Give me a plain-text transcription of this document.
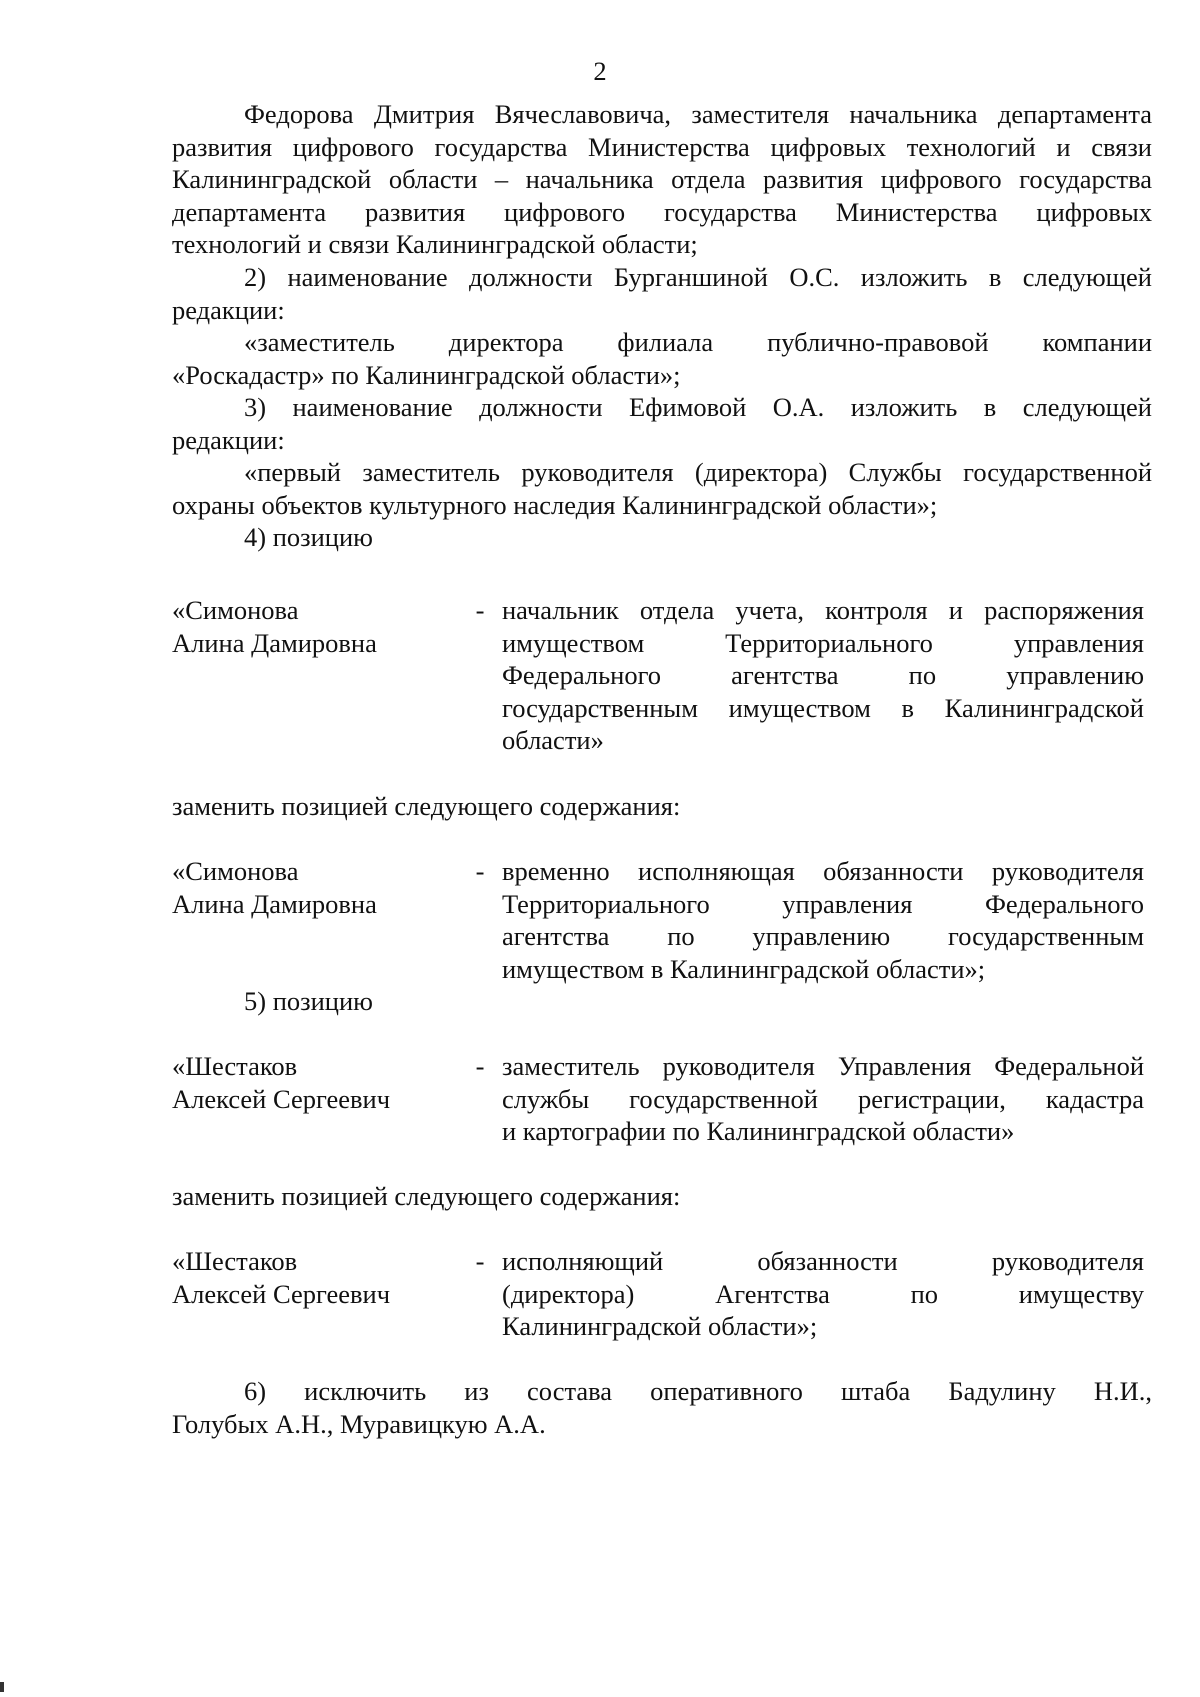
2
Федорова Дмитрия Вячеславовича, заместителя начальника департамента
развития цифрового государства Министерства цифровых технологий и связи
Калининградской области – начальника отдела развития цифрового государства
департамента развития цифрового государства Министерства цифровых
технологий и связи Калининградской области;
2) наименование должности Бурганшиной О.С. изложить в следующей
редакции:
«заместитель директора филиала публично-правовой компании
«Роскадастр» по Калининградской области»;
3) наименование должности Ефимовой О.А. изложить в следующей
редакции:
«первый заместитель руководителя (директора) Службы государственной
охраны объектов культурного наследия Калининградской области»;
4) позицию
«Симонова
Алина Дамировна
- начальник отдела учета, контроля и распоряжения
имуществом Территориального управления
Федерального агентства по управлению
государственным имуществом в Калининградской
области»
заменить позицией следующего содержания:
«Симонова
Алина Дамировна
- временно исполняющая обязанности руководителя
Территориального управления Федерального
агентства по управлению государственным
имуществом в Калининградской области»;
5) позицию
«Шестаков
Алексей Сергеевич
- заместитель руководителя Управления Федеральной
службы государственной регистрации, кадастра
и картографии по Калининградской области»
заменить позицией следующего содержания:
«Шестаков
Алексей Сергеевич
- исполняющий обязанности руководителя
(директора) Агентства по имуществу
Калининградской области»;
6) исключить из состава оперативного штаба Бадулину Н.И.,
Голубых А.Н., Муравицкую А.А.
